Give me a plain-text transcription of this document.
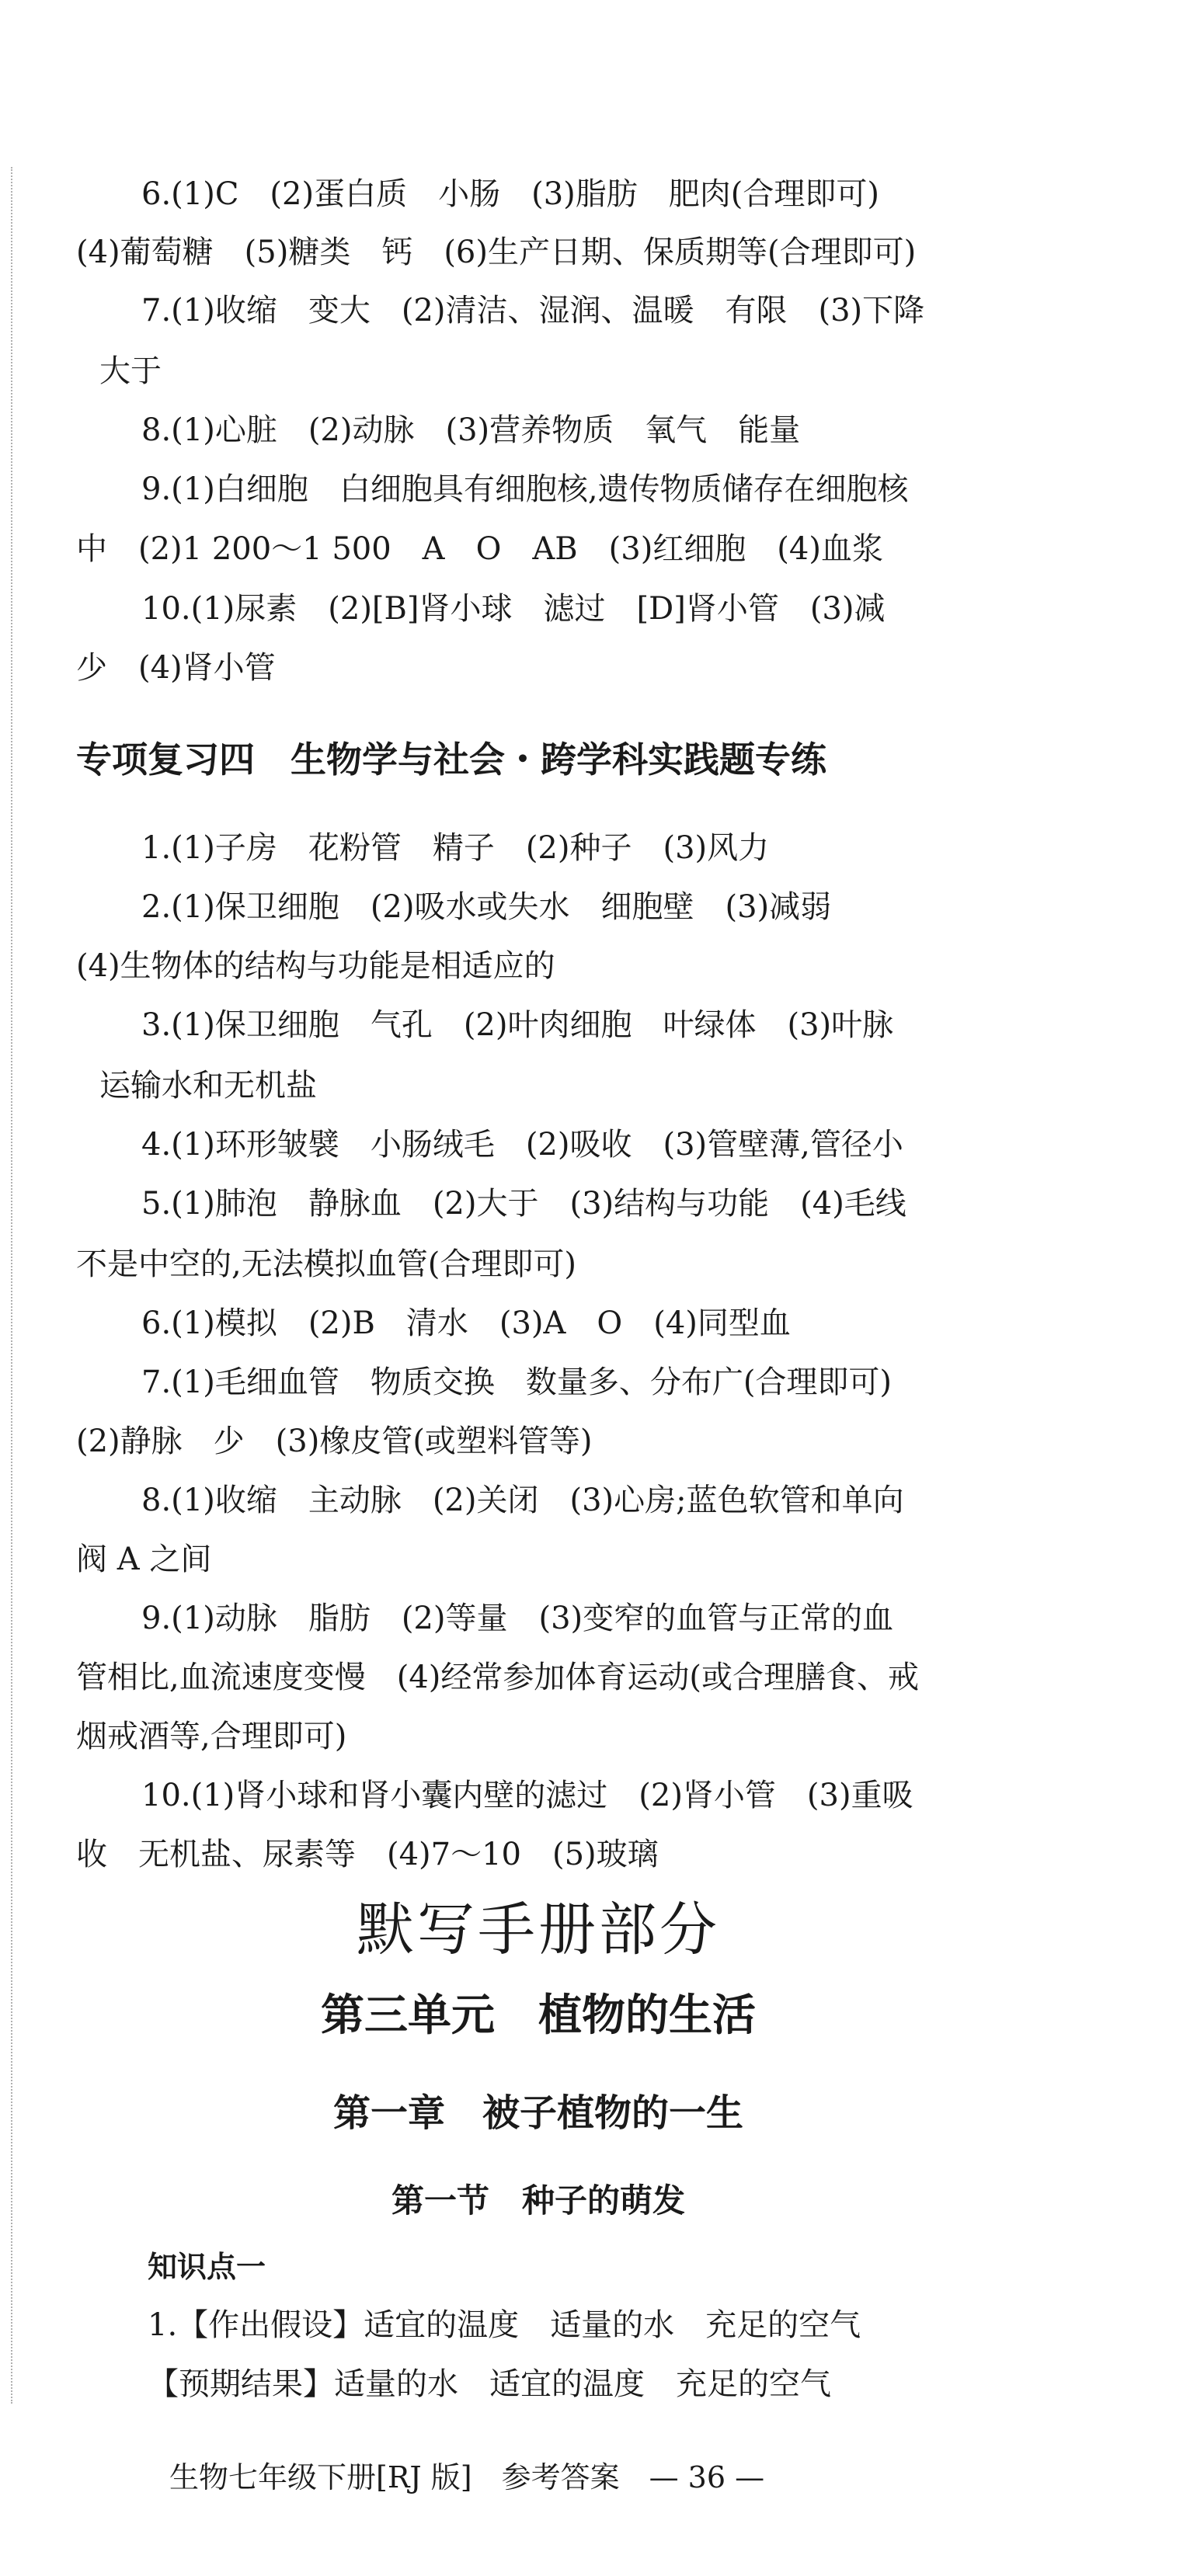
6.(1)C　(2)蛋白质　小肠　(3)脂肪　肥肉(合理即可)
(4)葡萄糖　(5)糖类　钙　(6)生产日期、保质期等(合理即可)
7.(1)收缩　变大　(2)清洁、湿润、温暖　有限　(3)下降
大于
8.(1)心脏　(2)动脉　(3)营养物质　氧气　能量
9.(1)白细胞　白细胞具有细胞核,遗传物质储存在细胞核
中　(2)1 200～1 500　A　O　AB　(3)红细胞　(4)血浆
10.(1)尿素　(2)[B]肾小球　滤过　[D]肾小管　(3)减
少　(4)肾小管
专项复习四　生物学与社会・跨学科实践题专练
1.(1)子房　花粉管　精子　(2)种子　(3)风力
2.(1)保卫细胞　(2)吸水或失水　细胞壁　(3)减弱
(4)生物体的结构与功能是相适应的
3.(1)保卫细胞　气孔　(2)叶肉细胞　叶绿体　(3)叶脉
运输水和无机盐
4.(1)环形皱襞　小肠绒毛　(2)吸收　(3)管壁薄,管径小
5.(1)肺泡　静脉血　(2)大于　(3)结构与功能　(4)毛线
不是中空的,无法模拟血管(合理即可)
6.(1)模拟　(2)B　清水　(3)A　O　(4)同型血
7.(1)毛细血管　物质交换　数量多、分布广(合理即可)
(2)静脉　少　(3)橡皮管(或塑料管等)
8.(1)收缩　主动脉　(2)关闭　(3)心房;蓝色软管和单向
阀 A 之间
9.(1)动脉　脂肪　(2)等量　(3)变窄的血管与正常的血
管相比,血流速度变慢　(4)经常参加体育运动(或合理膳食、戒
烟戒酒等,合理即可)
10.(1)肾小球和肾小囊内壁的滤过　(2)肾小管　(3)重吸
收　无机盐、尿素等　(4)7～10　(5)玻璃
默写手册部分
第三单元　植物的生活
第一章　被子植物的一生
第一节　种子的萌发
知识点一
1.【作出假设】适宜的温度　适量的水　充足的空气
【预期结果】适量的水　适宜的温度　充足的空气
生物七年级下册[RJ 版]　参考答案　— 36 —
